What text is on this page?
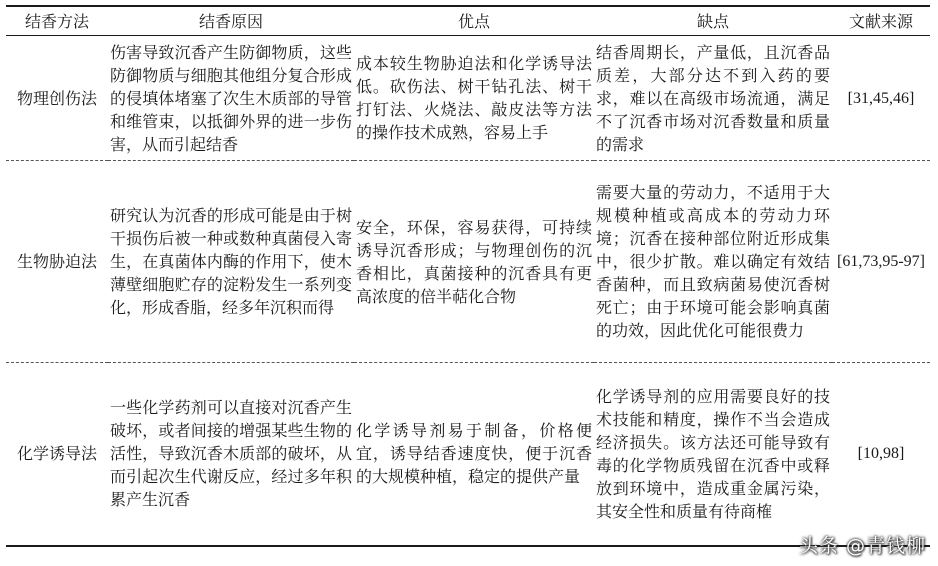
结香方法	结香原因	优点	缺点	文献来源
物理创伤法	伤害导致沉香产生防御物质，这些防御物质与细胞其他组分复合形成的侵填体堵塞了次生木质部的导管和维管束，以抵御外界的进一步伤害，从而引起结香	成本较生物胁迫法和化学诱导法低。砍伤法、树干钻孔法、树干打钉法、火烧法、敲皮法等方法的操作技术成熟，容易上手	结香周期长，产量低，且沉香品质差，大部分达不到入药的要求，难以在高级市场流通，满足不了沉香市场对沉香数量和质量的需求	[31,45,46]
生物胁迫法	研究认为沉香的形成可能是由于树干损伤后被一种或数种真菌侵入寄生，在真菌体内酶的作用下，使木薄壁细胞贮存的淀粉发生一系列变化，形成香脂，经多年沉积而得	安全，环保，容易获得，可持续诱导沉香形成；与物理创伤的沉香相比，真菌接种的沉香具有更高浓度的倍半萜化合物	需要大量的劳动力，不适用于大规模种植或高成本的劳动力环境；沉香在接种部位附近形成集中，很少扩散。难以确定有效结香菌种，而且致病菌易使沉香树死亡；由于环境可能会影响真菌的功效，因此优化可能很费力	[61,73,95-97]
化学诱导法	一些化学药剂可以直接对沉香产生破坏，或者间接的增强某些生物的活性，导致沉香木质部的破坏，从而引起次生代谢反应，经过多年积累产生沉香	化学诱导剂易于制备，价格便宜，诱导结香速度快，便于沉香的大规模种植，稳定的提供产量	化学诱导剂的应用需要良好的技术技能和精度，操作不当会造成经济损失。该方法还可能导致有毒的化学物质残留在沉香中或释放到环境中，造成重金属污染，其安全性和质量有待商榷	[10,98]
头条 @青钱柳
